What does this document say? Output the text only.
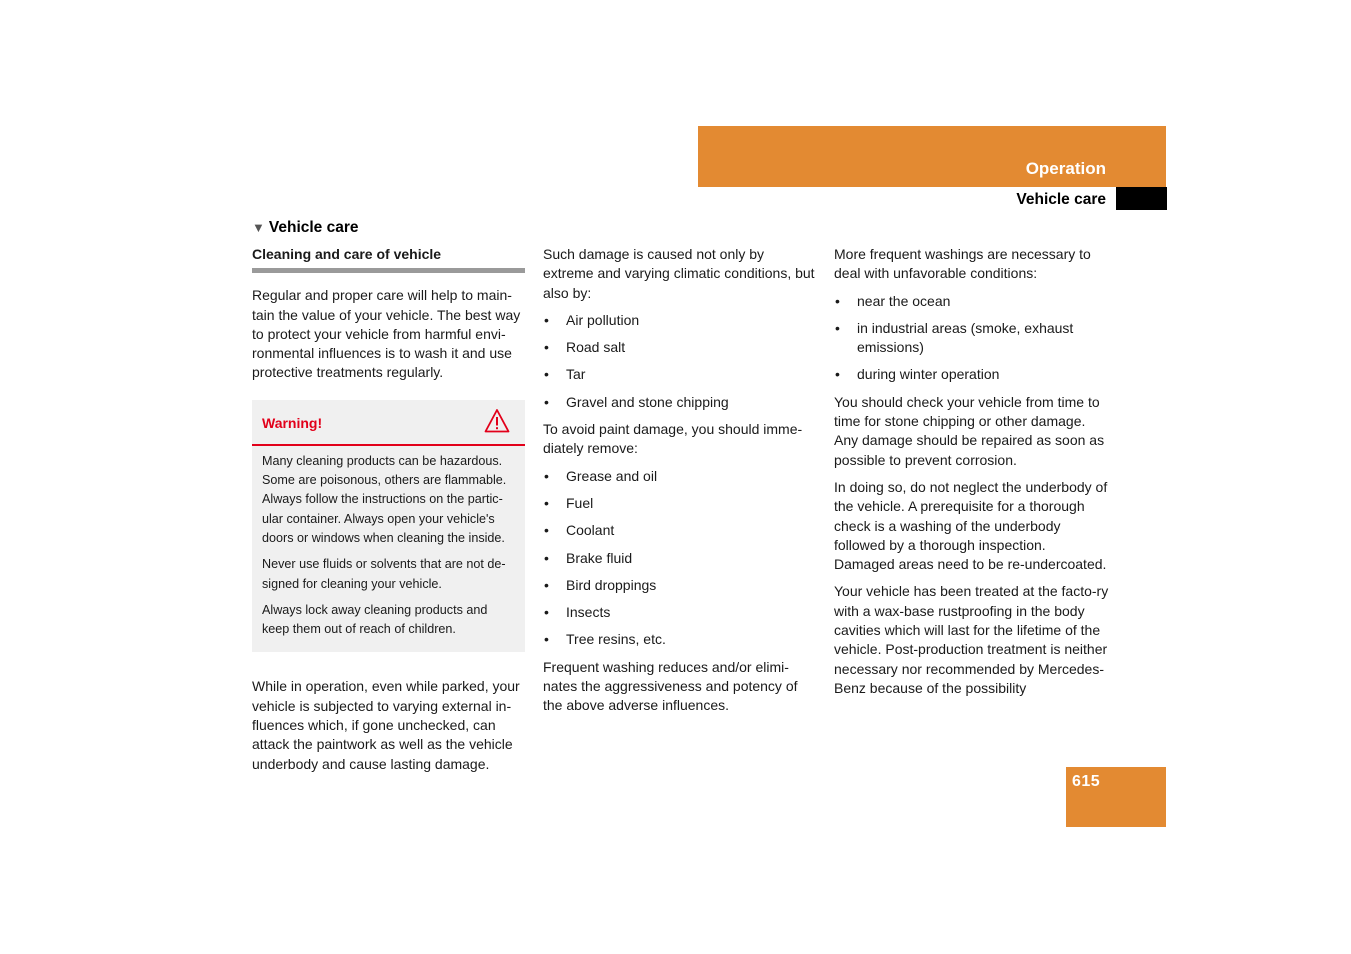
Operation
Vehicle care
▼ Vehicle care
Cleaning and care of vehicle

Regular and proper care will help to main-tain the value of your vehicle. The best way to protect your vehicle from harmful envi-ronmental influences is to wash it and use protective treatments regularly.

Warning!

Many cleaning products can be hazardous. Some are poisonous, others are flammable. Always follow the instructions on the partic-ular container. Always open your vehicle's doors or windows when cleaning the inside.

Never use fluids or solvents that are not de-signed for cleaning your vehicle.

Always lock away cleaning products and keep them out of reach of children.

While in operation, even while parked, your vehicle is subjected to varying external in-fluences which, if gone unchecked, can attack the paintwork as well as the vehicle underbody and cause lasting damage.

Such damage is caused not only by extreme and varying climatic conditions, but also by:

• Air pollution
• Road salt
• Tar
• Gravel and stone chipping

To avoid paint damage, you should imme-diately remove:

• Grease and oil
• Fuel
• Coolant
• Brake fluid
• Bird droppings
• Insects
• Tree resins, etc.

Frequent washing reduces and/or elimi-nates the aggressiveness and potency of the above adverse influences.

More frequent washings are necessary to deal with unfavorable conditions:

• near the ocean
• in industrial areas (smoke, exhaust emissions)
• during winter operation

You should check your vehicle from time to time for stone chipping or other damage. Any damage should be repaired as soon as possible to prevent corrosion.

In doing so, do not neglect the underbody of the vehicle. A prerequisite for a thorough check is a washing of the underbody followed by a thorough inspection. Damaged areas need to be re-undercoated.

Your vehicle has been treated at the facto-ry with a wax-base rustproofing in the body cavities which will last for the lifetime of the vehicle. Post-production treatment is neither necessary nor recommended by Mercedes-Benz because of the possibility

615
